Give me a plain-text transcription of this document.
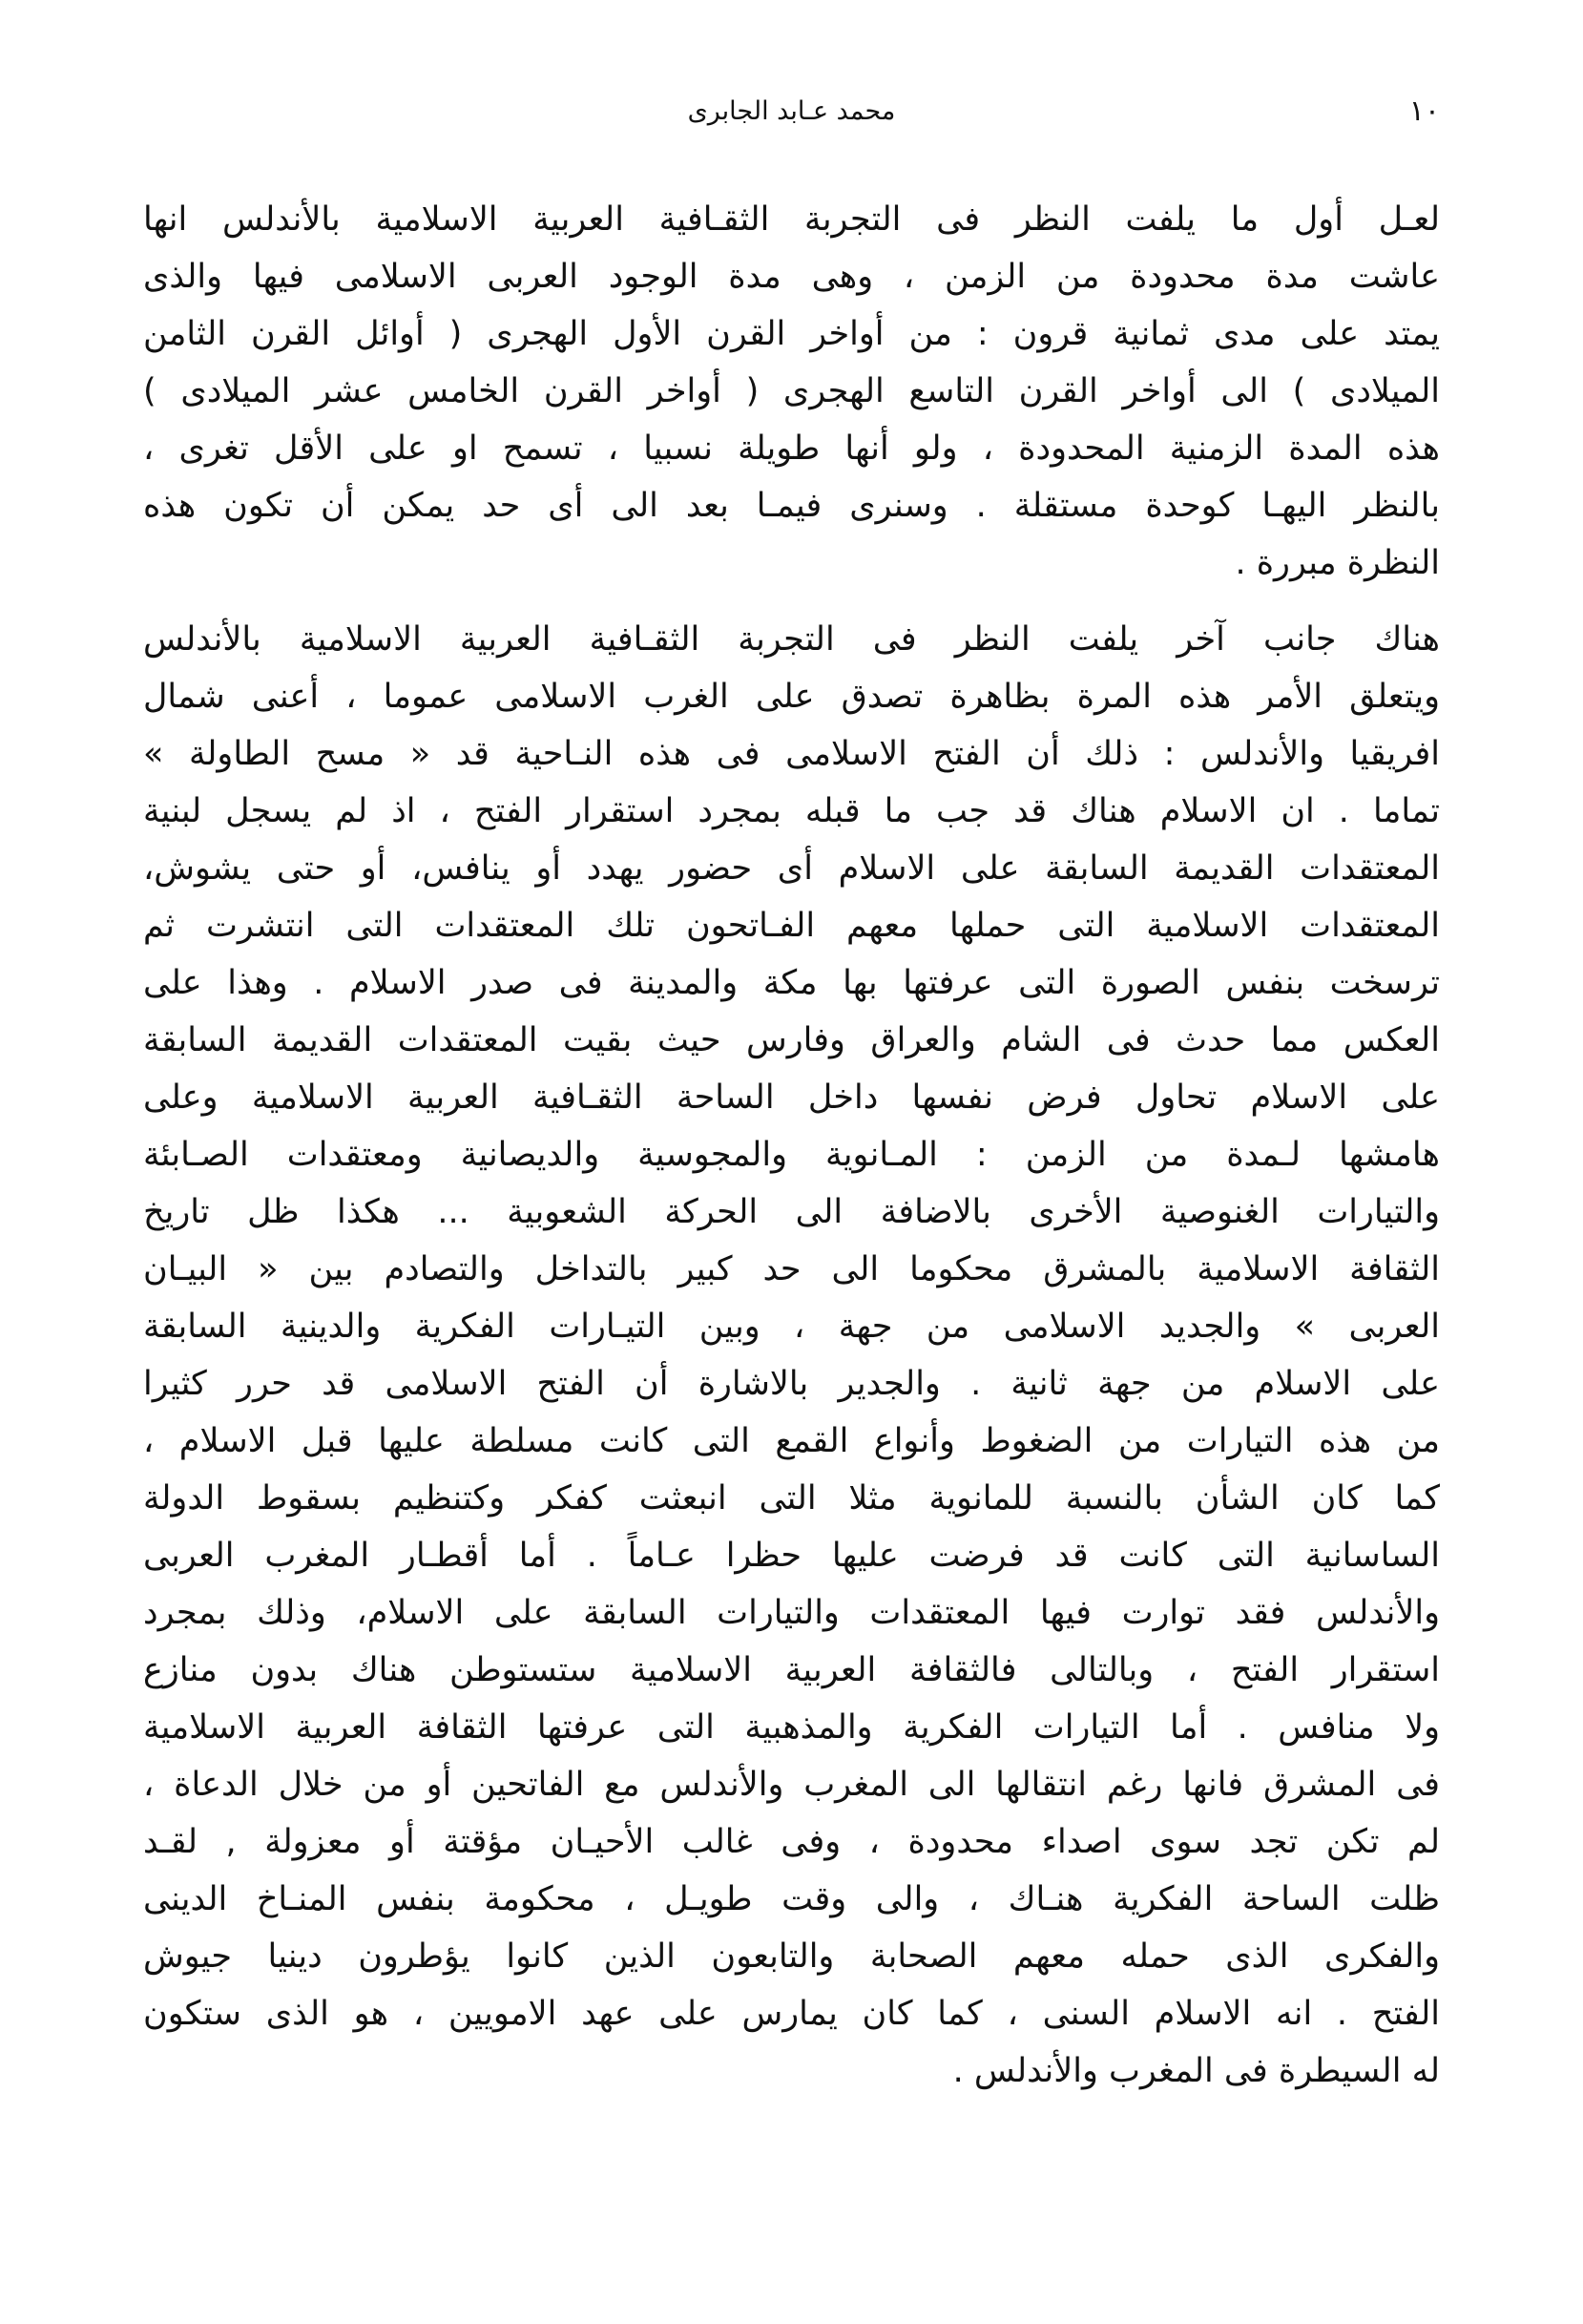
١٠
محمد عـابد الجابرى
لعـل أول ما يلفت النظر فى التجربة الثقـافية العربية الاسلامية بالأندلس انها
عاشت مدة محدودة من الزمن ، وهى مدة الوجود العربى الاسلامى فيها والذى
يمتد على مدى ثمانية قرون : من أواخر القرن الأول الهجرى ( أوائل القرن الثامن
الميلادى ) الى أواخر القرن التاسع الهجرى ( أواخر القرن الخامس عشر الميلادى )
هذه المدة الزمنية المحدودة ، ولو أنها طويلة نسبيا ، تسمح او على الأقل تغرى ،
بالنظر اليهـا كوحدة مستقلة . وسنرى فيمـا بعد الى أى حد يمكن أن تكون هذه
النظرة مبررة .
هناك جانب آخر يلفت النظر فى التجربة الثقـافية العربية الاسلامية بالأندلس
ويتعلق الأمر هذه المرة بظاهرة تصدق على الغرب الاسلامى عموما ، أعنى شمال
افريقيا والأندلس : ذلك أن الفتح الاسلامى فى هذه النـاحية قد « مسح الطاولة »
تماما . ان الاسلام هناك قد جب ما قبله بمجرد استقرار الفتح ، اذ لم يسجل لبنية
المعتقدات القديمة السابقة على الاسلام أى حضور يهدد أو ينافس، أو حتى يشوش،
المعتقدات الاسلامية التى حملها معهم الفـاتحون تلك المعتقدات التى انتشرت ثم
ترسخت بنفس الصورة التى عرفتها بها مكة والمدينة فى صدر الاسلام . وهذا على
العكس مما حدث فى الشام والعراق وفارس حيث بقيت المعتقدات القديمة السابقة
على الاسلام تحاول فرض نفسها داخل الساحة الثقـافية العربية الاسلامية وعلى
هامشها لـمدة من الزمن : المـانوية والمجوسية والديصانية ومعتقدات الصـابئة
والتيارات الغنوصية الأخرى بالاضافة الى الحركة الشعوبية ... هكذا ظل تاريخ
الثقافة الاسلامية بالمشرق محكوما الى حد كبير بالتداخل والتصادم بين « البيـان
العربى » والجديد الاسلامى من جهة ، وبين التيـارات الفكرية والدينية السابقة
على الاسلام من جهة ثانية . والجدير بالاشارة أن الفتح الاسلامى قد حرر كثيرا
من هذه التيارات من الضغوط وأنواع القمع التى كانت مسلطة عليها قبل الاسلام ،
كما كان الشأن بالنسبة للمانوية مثلا التى انبعثت كفكر وكتنظيم بسقوط الدولة
الساسانية التى كانت قد فرضت عليها حظرا عـاماً . أما أقطـار المغرب العربى
والأندلس فقد توارت فيها المعتقدات والتيارات السابقة على الاسلام، وذلك بمجرد
استقرار الفتح ، وبالتالى فالثقافة العربية الاسلامية ستستوطن هناك بدون منازع
ولا منافس . أما التيارات الفكرية والمذهبية التى عرفتها الثقافة العربية الاسلامية
فى المشرق فانها رغم انتقالها الى المغرب والأندلس مع الفاتحين أو من خلال الدعاة ،
لم تكن تجد سوى اصداء محدودة ، وفى غالب الأحيـان مؤقتة أو معزولة , لقـد
ظلت الساحة الفكرية هنـاك ، والى وقت طويـل ، محكومة بنفس المنـاخ الدينى
والفكرى الذى حمله معهم الصحابة والتابعون الذين كانوا يؤطرون دينيا جيوش
الفتح . انه الاسلام السنى ، كما كان يمارس على عهد الامويين ، هو الذى ستكون
له السيطرة فى المغرب والأندلس .
